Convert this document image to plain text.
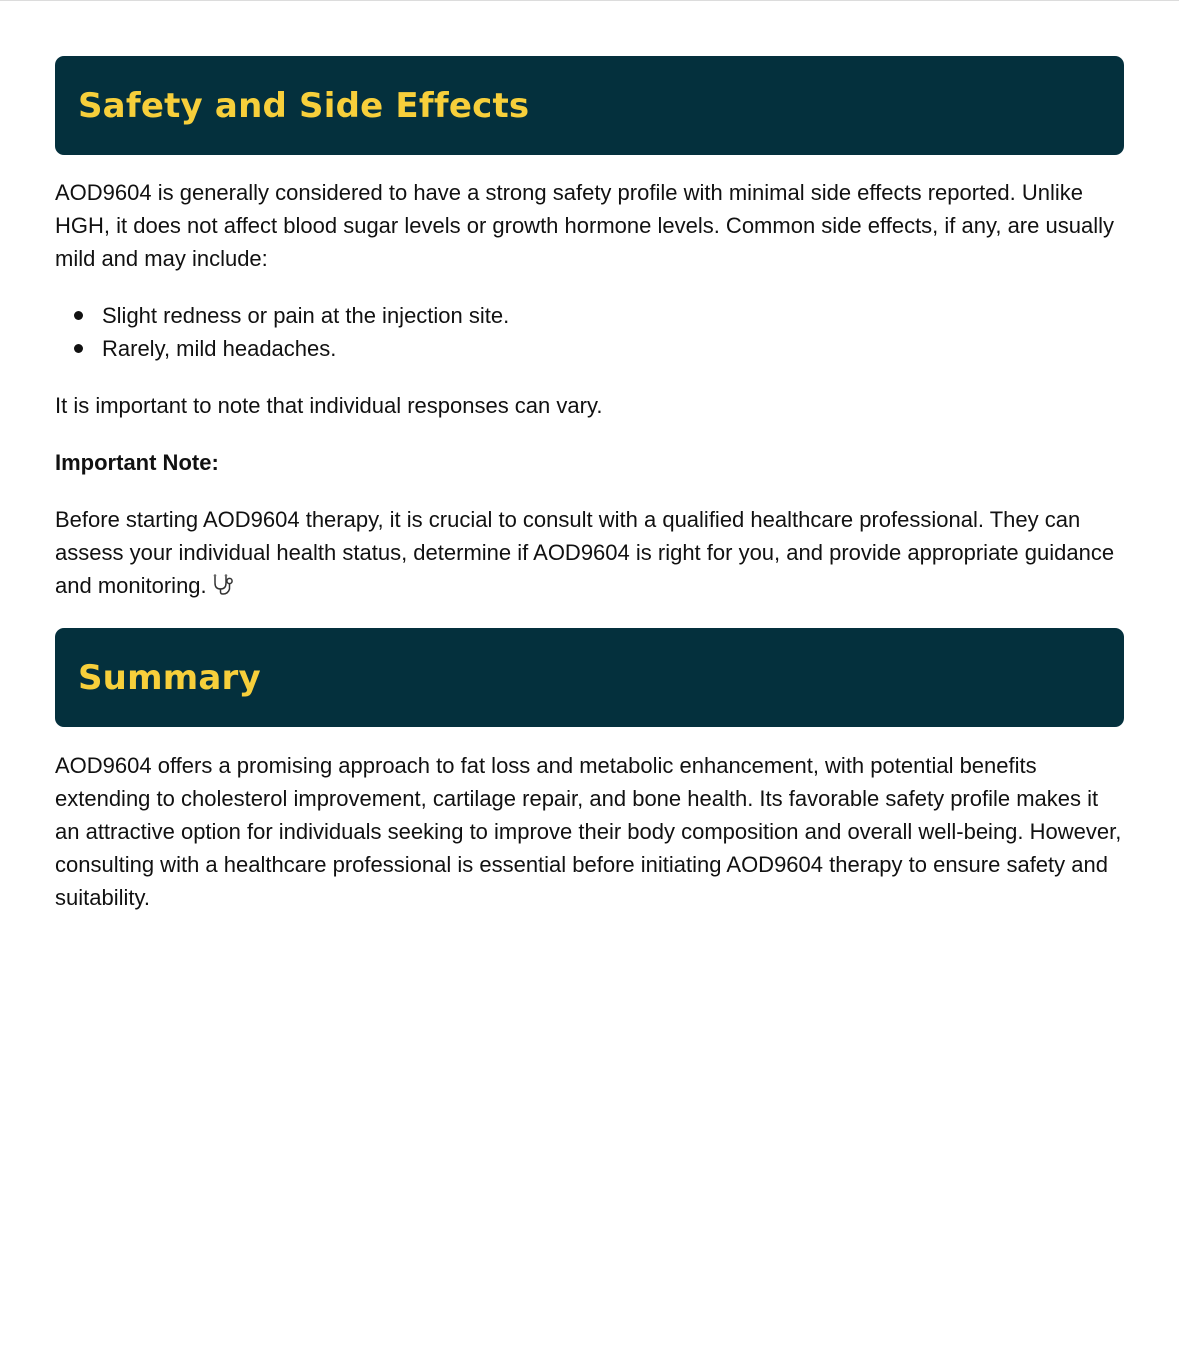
Safety and Side Effects

AOD9604 is generally considered to have a strong safety profile with minimal side effects reported. Unlike HGH, it does not affect blood sugar levels or growth hormone levels. Common side effects, if any, are usually mild and may include:

Slight redness or pain at the injection site.
Rarely, mild headaches.

It is important to note that individual responses can vary.

Important Note:

Before starting AOD9604 therapy, it is crucial to consult with a qualified healthcare professional. They can assess your individual health status, determine if AOD9604 is right for you, and provide appropriate guidance and monitoring.

Summary

AOD9604 offers a promising approach to fat loss and metabolic enhancement, with potential benefits extending to cholesterol improvement, cartilage repair, and bone health. Its favorable safety profile makes it an attractive option for individuals seeking to improve their body composition and overall well-being. However, consulting with a healthcare professional is essential before initiating AOD9604 therapy to ensure safety and suitability.
